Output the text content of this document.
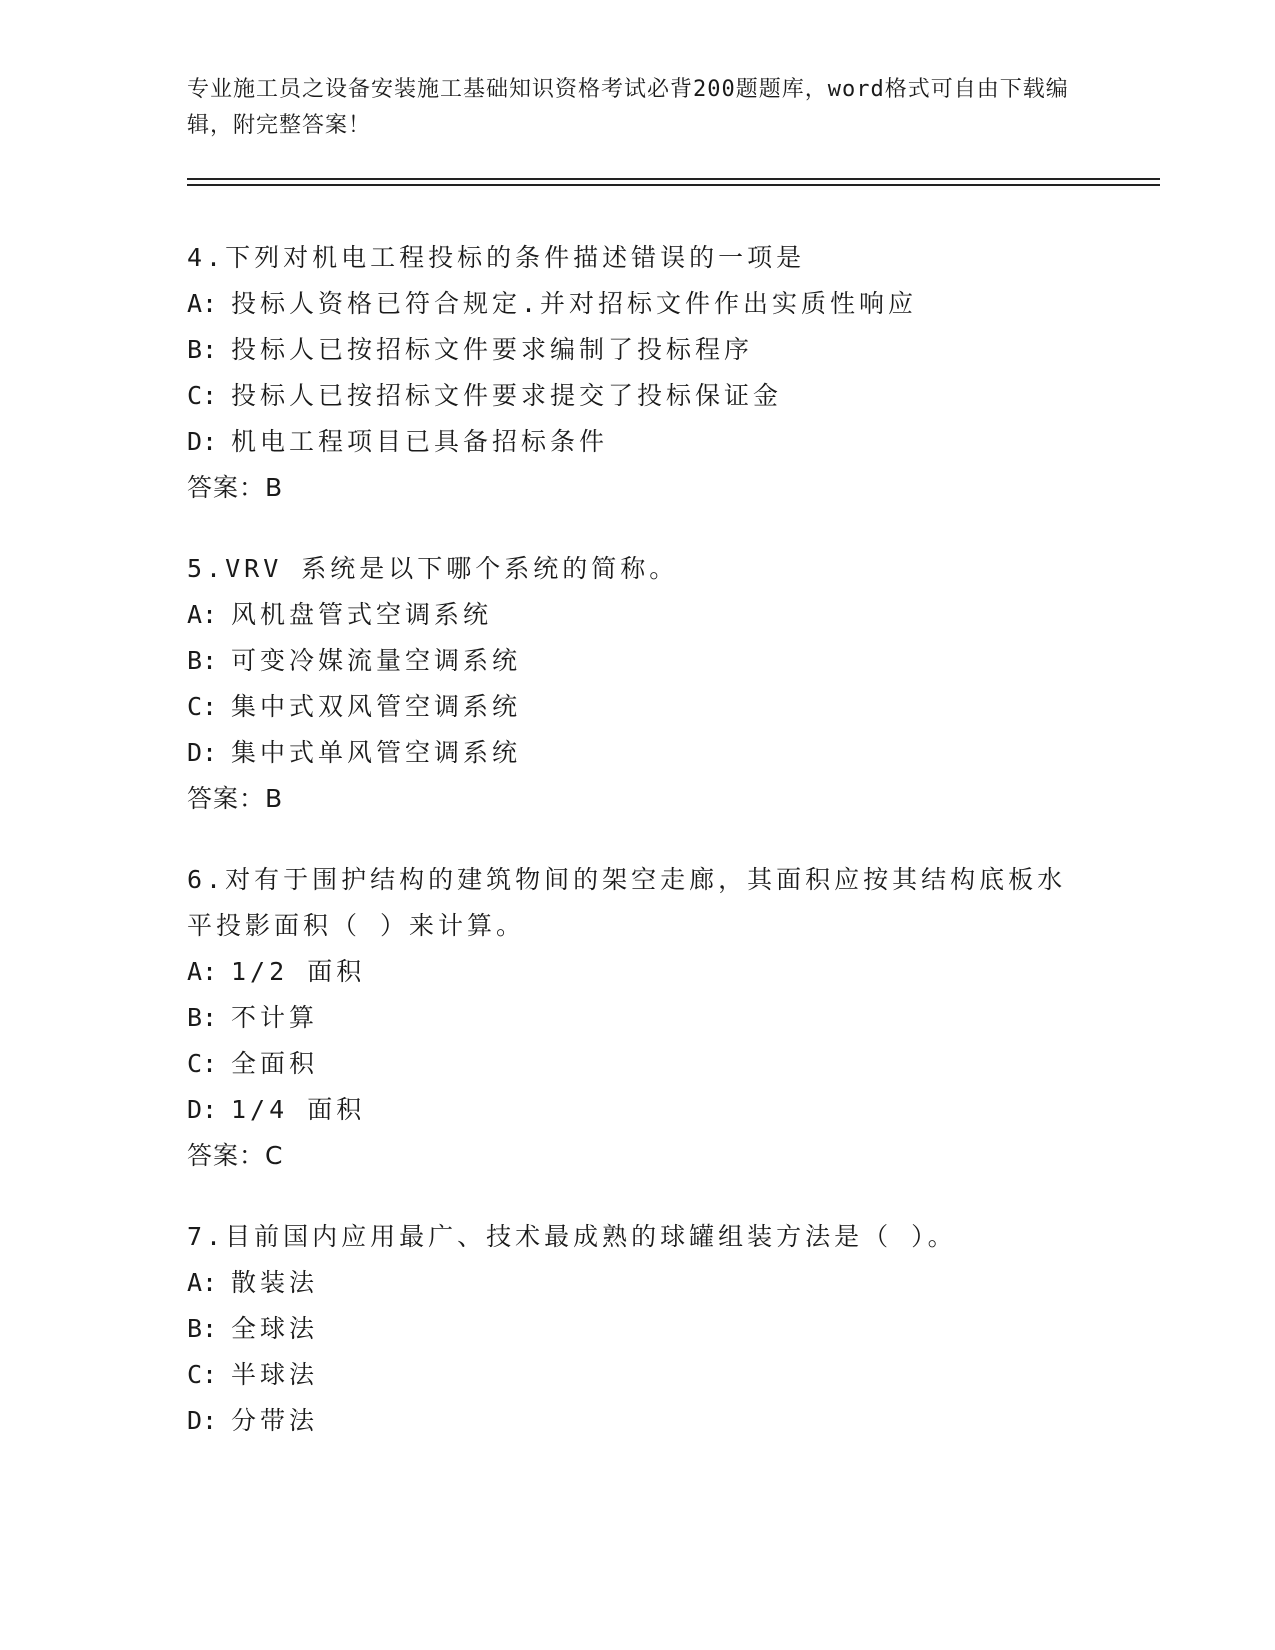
专业施工员之设备安装施工基础知识资格考试必背200题题库，word格式可自由下载编辑，附完整答案！
4.下列对机电工程投标的条件描述错误的一项是
A: 投标人资格已符合规定.并对招标文件作出实质性响应
B: 投标人已按招标文件要求编制了投标程序
C: 投标人已按招标文件要求提交了投标保证金
D: 机电工程项目已具备招标条件
答案：B
5.VRV 系统是以下哪个系统的简称。
A: 风机盘管式空调系统
B: 可变冷媒流量空调系统
C: 集中式双风管空调系统
D: 集中式单风管空调系统
答案：B
6.对有于围护结构的建筑物间的架空走廊，其面积应按其结构底板水平投影面积（ ）来计算。
A: 1/2 面积
B: 不计算
C: 全面积
D: 1/4 面积
答案：C
7.目前国内应用最广、技术最成熟的球罐组装方法是（ ）。
A: 散装法
B: 全球法
C: 半球法
D: 分带法
